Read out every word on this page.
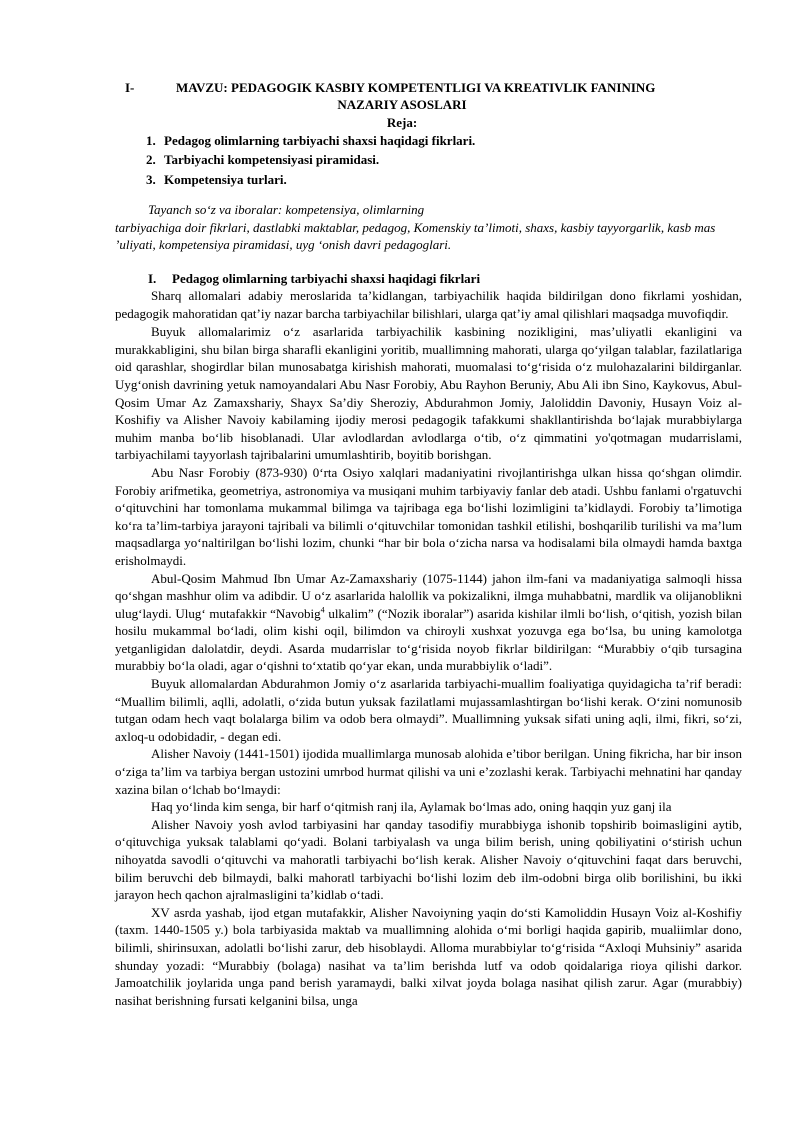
I-	MAVZU: PEDAGOGIK KASBIY KOMPETENTLIGI VA KREATIVLIK FANINING
NAZARIY ASOSLARI
Reja:
1. Pedagog olimlarning tarbiyachi shaxsi haqidagi fikrlari.
2. Tarbiyachi kompetensiyasi piramidasi.
3. Kompetensiya turlari.
Tayanch so‘z va iboralar: kompetensiya, olimlarning
tarbiyachiga doir fikrlari, dastlabki maktablar, pedagog, Komenskiy ta’limoti, shaxs, kasbiy tayyorgarlik, kasb mas ’uliyati, kompetensiya piramidasi, uyg ‘onish davri pedagoglari.
I. Pedagog olimlarning tarbiyachi shaxsi haqidagi fikrlari

Sharq allomalari adabiy meroslarida ta’kidlangan, tarbiyachilik haqida bildirilgan dono fikrlami yoshidan, pedagogik mahoratidan qat’iy nazar barcha tarbiyachilar bilishlari, ularga qat’iy amal qilishlari maqsadga muvofiqdir.

Buyuk allomalarimiz o‘z asarlarida tarbiyachilik kasbining nozikligini, mas’uliyatli ekanligini va murakkabligini, shu bilan birga sharafli ekanligini yoritib, muallimning mahorati, ularga qo‘yilgan talablar, fazilatlariga oid qarashlar, shogirdlar bilan munosabatga kirishish mahorati, muomalasi to‘g‘risida o‘z mulohazalarini bildirganlar. Uyg‘onish davrining yetuk namoyandalari Abu Nasr Forobiy, Abu Rayhon Beruniy, Abu Ali ibn Sino, Kaykovus, Abul-Qosim Umar Az Zamaxshariy, Shayx Sa’diy Sheroziy, Abdurahmon Jomiy, Jaloliddin Davoniy, Husayn Voiz al-Koshifiy va Alisher Navoiy kabilaming ijodiy merosi pedagogik tafakkumi shakllantirishda bo‘lajak murabbiylarga muhim manba bo‘lib hisoblanadi. Ular avlodlardan avlodlarga o‘tib, o‘z qimmatini yo'qotmagan mudarrislami, tarbiyachilami tayyorlash tajribalarini umumlashtirib, boyitib borishgan.

Abu Nasr Forobiy (873-930) 0‘rta Osiyo xalqlari madaniyatini rivojlantirishga ulkan hissa qo‘shgan olimdir. Forobiy arifmetika, geometriya, astronomiya va musiqani muhim tarbiyaviy fanlar deb atadi. Ushbu fanlami o'rgatuvchi o‘qituvchini har tomonlama mukammal bilimga va tajribaga ega bo‘lishi lozimligini ta’kidlaydi. Forobiy ta’limotiga ko‘ra ta’lim-tarbiya jarayoni tajribali va bilimli o‘qituvchilar tomonidan tashkil etilishi, boshqarilib turilishi va ma’lum maqsadlarga yo‘naltirilgan bo‘lishi lozim, chunki “har bir bola o‘zicha narsa va hodisalami bila olmaydi hamda baxtga erisholmaydi.

Abul-Qosim Mahmud Ibn Umar Az-Zamaxshariy (1075-1144) jahon ilm-fani va madaniyatiga salmoqli hissa qo‘shgan mashhur olim va adibdir. U o‘z asarlarida halollik va pokizalikni, ilmga muhabbatni, mardlik va olijanoblikni ulug‘laydi. Ulug‘ mutafakkir “Navobig$^4$ ulkalim” (“Nozik iboralar”) asarida kishilar ilmli bo‘lish, o‘qitish, yozish bilan hosilu mukammal bo‘ladi, olim kishi oqil, bilimdon va chiroyli xushxat yozuvga ega bo‘lsa, bu uning kamolotga yetganligidan dalolatdir, deydi. Asarda mudarrislar to‘g‘risida noyob fikrlar bildirilgan: “Murabbiy o‘qib tursagina murabbiy bo‘la oladi, agar o‘qishni to‘xtatib qo‘yar ekan, unda murabbiylik o‘ladi”.

Buyuk allomalardan Abdurahmon Jomiy o‘z asarlarida tarbiyachi-muallim foaliyatiga quyidagicha ta’rif beradi: “Muallim bilimli, aqlli, adolatli, o‘zida butun yuksak fazilatlami mujassamlashtirgan bo‘lishi kerak. O‘zini nomunosib tutgan odam hech vaqt bolalarga bilim va odob bera olmaydi”. Muallimning yuksak sifati uning aqli, ilmi, fikri, so‘zi, axloq-u odobidadir, - degan edi.

Alisher Navoiy (1441-1501) ijodida muallimlarga munosab alohida e’tibor berilgan. Uning fikricha, har bir inson o‘ziga ta’lim va tarbiya bergan ustozini umrbod hurmat qilishi va uni e’zozlashi kerak. Tarbiyachi mehnatini har qanday xazina bilan o‘lchab bo‘lmaydi:

Haq yo‘linda kim senga, bir harf o‘qitmish ranj ila, Aylamak bo‘lmas ado, oning haqqin yuz ganj ila

Alisher Navoiy yosh avlod tarbiyasini har qanday tasodifiy murabbiyga ishonib topshirib boimasligini aytib, o‘qituvchiga yuksak talablami qo‘yadi. Bolani tarbiyalash va unga bilim berish, uning qobiliyatini o‘stirish uchun nihoyatda savodli o‘qituvchi va mahoratli tarbiyachi bo‘lish kerak. Alisher Navoiy o‘qituvchini faqat dars beruvchi, bilim beruvchi deb bilmaydi, balki mahoratl tarbiyachi bo‘lishi lozim deb ilm-odobni birga olib borilishini, bu ikki jarayon hech qachon ajralmasligini ta’kidlab o‘tadi.

XV asrda yashab, ijod etgan mutafakkir, Alisher Navoiyning yaqin do‘sti Kamoliddin Husayn Voiz al-Koshifiy (taxm. 1440-1505 y.) bola tarbiyasida maktab va muallimning alohida o‘mi borligi haqida gapirib, mualiimlar dono, bilimli, shirinsuxan, adolatli bo‘lishi zarur, deb hisoblaydi. Alloma murabbiylar to‘g‘risida “Axloqi Muhsiniy” asarida shunday yozadi: “Murabbiy (bolaga) nasihat va ta’lim berishda lutf va odob qoidalariga rioya qilishi darkor. Jamoatchilik joylarida unga pand berish yaramaydi, balki xilvat joyda bolaga nasihat qilish zarur. Agar (murabbiy) nasihat berishning fursati kelganini bilsa, unga
